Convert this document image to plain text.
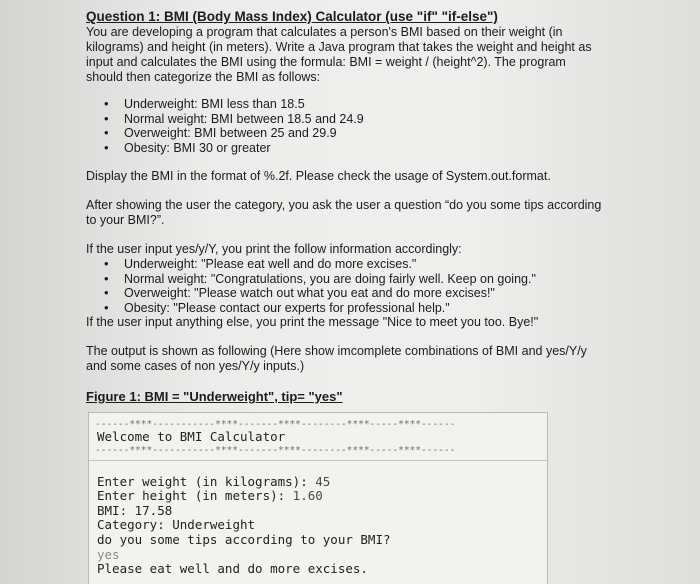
Question 1: BMI (Body Mass Index) Calculator (use "if" "if-else")

You are developing a program that calculates a person's BMI based on their weight (in kilograms) and height (in meters). Write a Java program that takes the weight and height as input and calculates the BMI using the formula: BMI = weight / (height^2). The program should then categorize the BMI as follows:

• Underweight: BMI less than 18.5
• Normal weight: BMI between 18.5 and 24.9
• Overweight: BMI between 25 and 29.9
• Obesity: BMI 30 or greater

Display the BMI in the format of %.2f. Please check the usage of System.out.format.

After showing the user the category, you ask the user a question “do you some tips according to your BMI?”.

If the user input yes/y/Y, you print the follow information accordingly:

• Underweight: "Please eat well and do more excises."
• Normal weight: "Congratulations, you are doing fairly well. Keep on going."
• Overweight: "Please watch out what you eat and do more excises!"
• Obesity: "Please contact our experts for professional help."

If the user input anything else, you print the message "Nice to meet you too. Bye!"

The output is shown as following (Here show imcomplete combinations of BMI and yes/Y/y and some cases of non yes/Y/y inputs.)

Figure 1: BMI = "Underweight", tip= "yes"
------****-----------****-------****--------****-----****------
Welcome to BMI Calculator
------****-----------****-------****--------****-----****------
Enter weight (in kilograms): 45
Enter height (in meters): 1.60
BMI: 17.58
Category: Underweight
do you some tips according to your BMI?
yes
Please eat well and do more excises.
